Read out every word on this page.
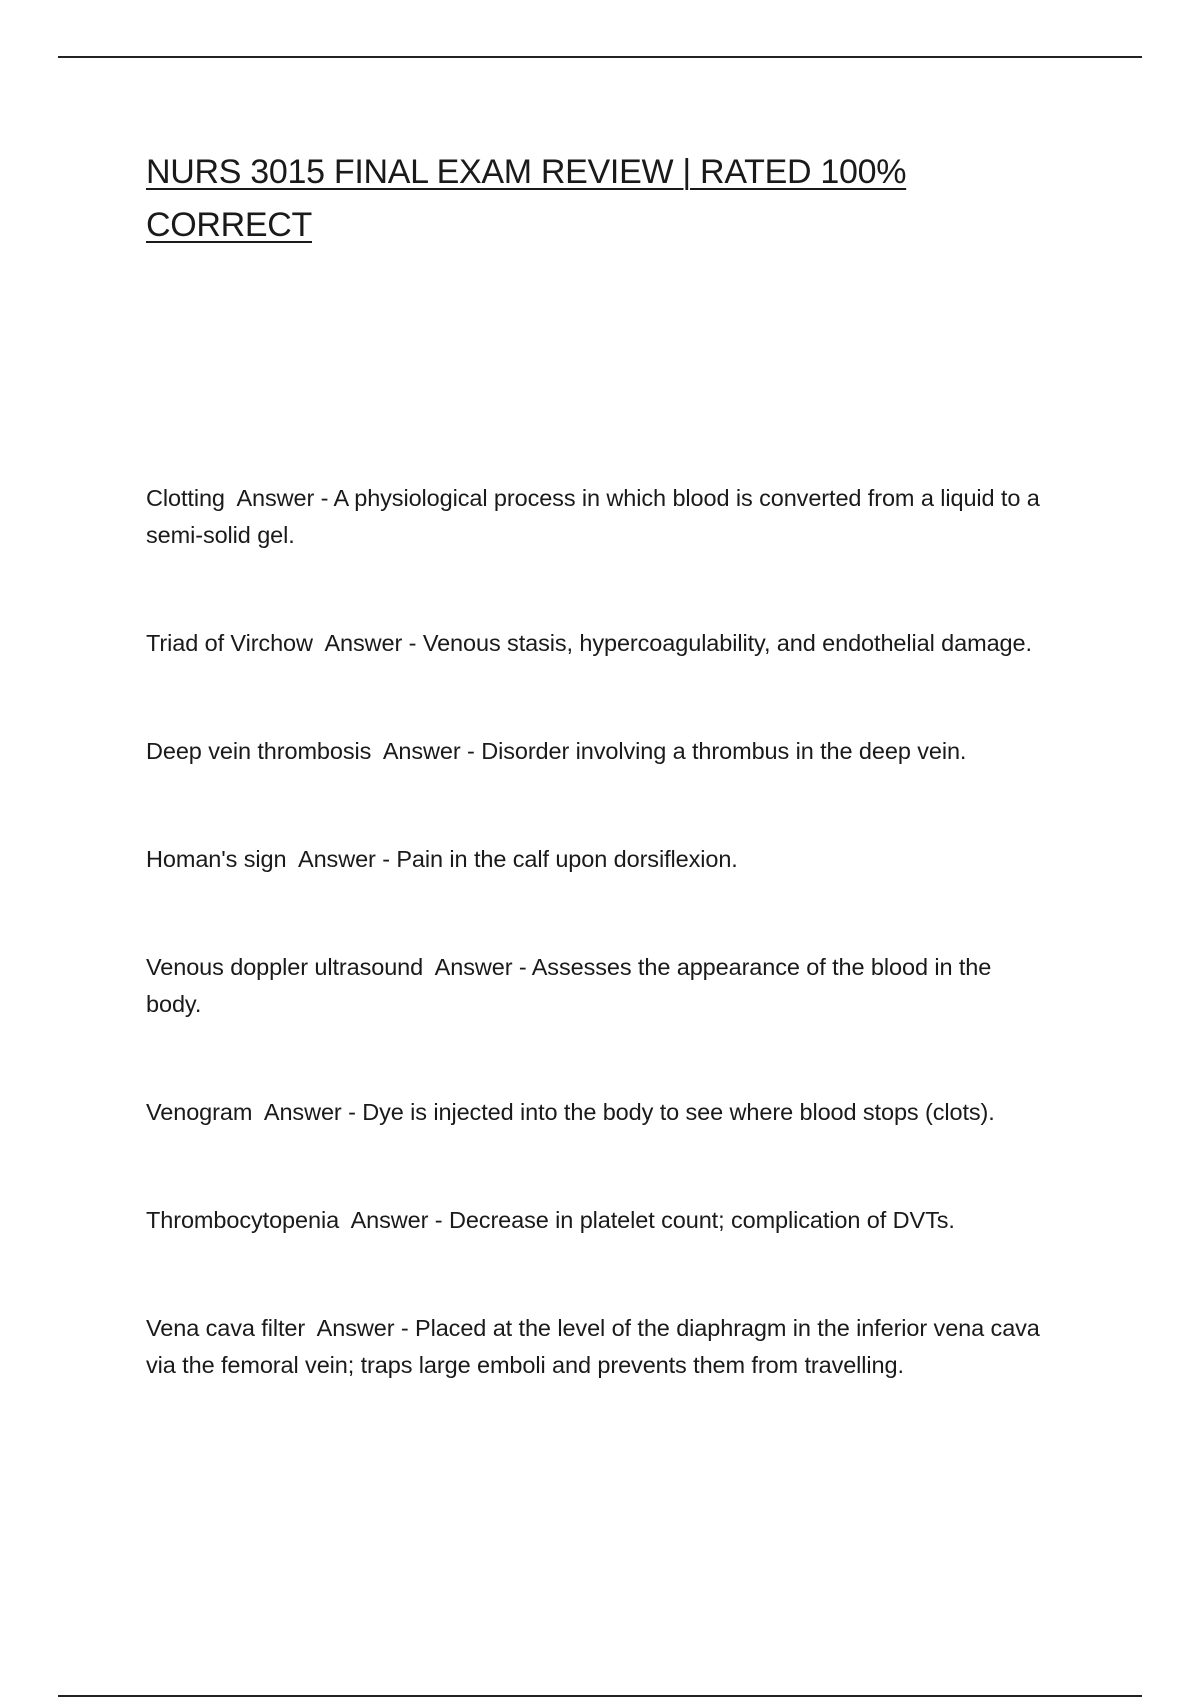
NURS 3015 FINAL EXAM REVIEW | RATED 100% CORRECT
Clotting Answer - A physiological process in which blood is converted from a liquid to a semi-solid gel.
Triad of Virchow Answer - Venous stasis, hypercoagulability, and endothelial damage.
Deep vein thrombosis Answer - Disorder involving a thrombus in the deep vein.
Homan's sign Answer - Pain in the calf upon dorsiflexion.
Venous doppler ultrasound Answer - Assesses the appearance of the blood in the body.
Venogram Answer - Dye is injected into the body to see where blood stops (clots).
Thrombocytopenia Answer - Decrease in platelet count; complication of DVTs.
Vena cava filter Answer - Placed at the level of the diaphragm in the inferior vena cava via the femoral vein; traps large emboli and prevents them from travelling.
